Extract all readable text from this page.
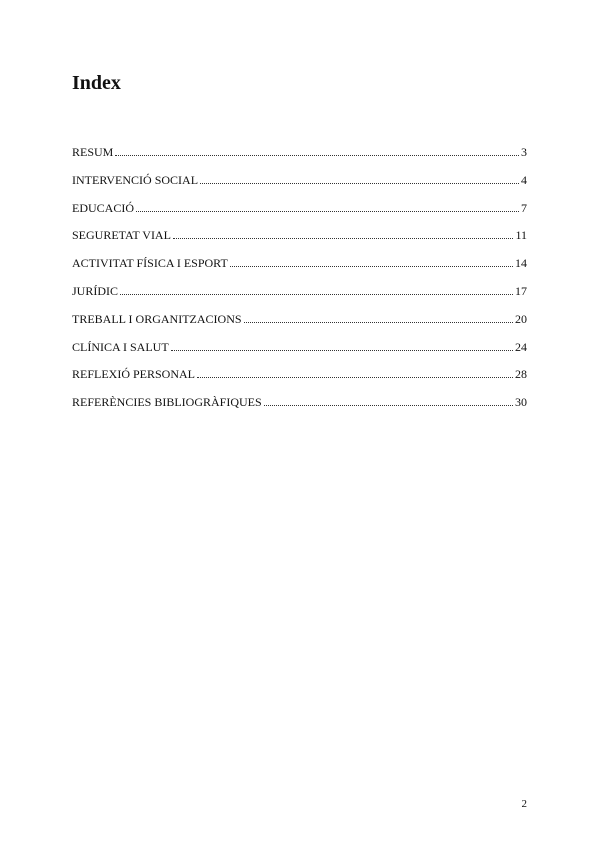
Index
RESUM	3
INTERVENCIÓ SOCIAL	4
EDUCACIÓ	7
SEGURETAT VIAL	11
ACTIVITAT FÍSICA I ESPORT	14
JURÍDIC	17
TREBALL I ORGANITZACIONS	20
CLÍNICA I SALUT	24
REFLEXIÓ PERSONAL	28
REFERÈNCIES BIBLIOGRÀFIQUES	30
2
